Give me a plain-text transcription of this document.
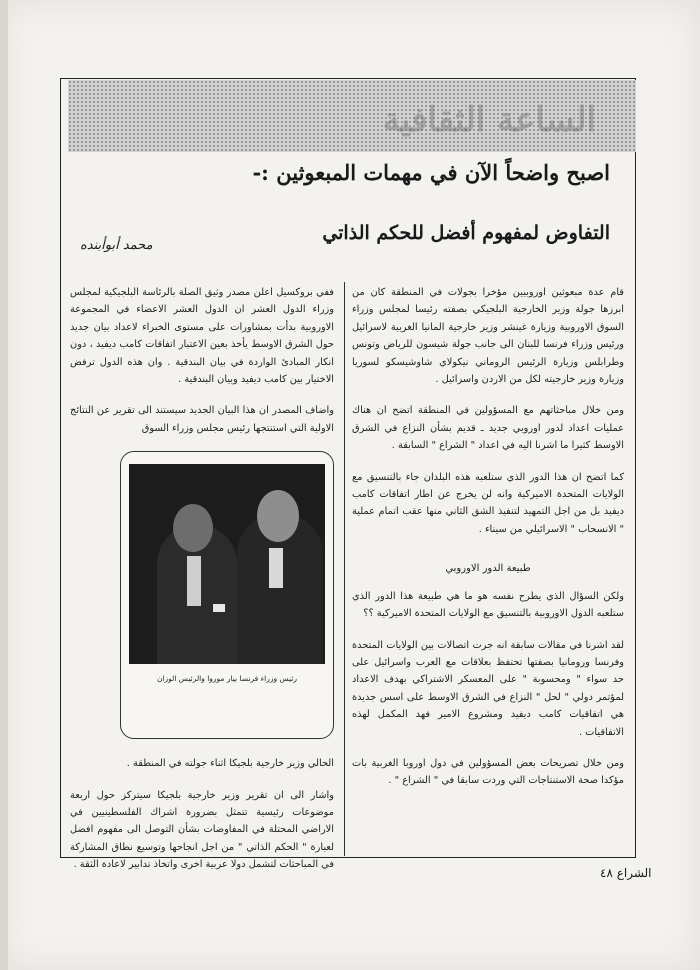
الساعة الثقافية
اصبح واضحاً الآن في مهمات المبعوثين :-
التفاوض لمفهوم أفضل للحكم الذاتي
محمد أبوأبنده

قام عدة مبعوثين اوروبيين مؤخرا بجولات في المنطقة كان من ابرزها جولة وزير الخارجية البلجيكي بصفته رئيسا لمجلس وزراء السوق الاوروبية وزيارة غينشر وزير خارجية المانيا الغربية لاسرائيل ورئيس وزراء فرنسا للبنان الى جانب جولة شيسون للرياض وتونس وطرابلس وزيارة الرئيس الروماني نيكولاي شاوشيسكو لسوريا وزيارة وزير خارجيته لكل من الاردن واسرائيل .

ومن خلال مباحثاتهم مع المسؤولين في المنطقة اتضح ان هناك عمليات اعداد لدور اوروبي جديد ـ قديم بشأن النزاع في الشرق الاوسط كثيرا ما اشرنا اليه في اعداد " الشراع " السابقة .

كما اتضح ان هذا الدور الذي ستلعبه هذه البلدان جاء بالتنسيق مع الولايات المتحدة الاميركية وانه لن يخرج عن اطار اتفاقات كامب ديفيد بل من اجل التمهيد لتنفيذ الشق الثاني منها عقب اتمام عملية " الانسحاب " الاسرائيلي من سيناء .

طبيعة الدور الاوروبي

ولكن السؤال الذي يطرح نفسه هو ما هي طبيعة هذا الدور الذي ستلعبه الدول الاوروبية بالتنسيق مع الولايات المتحدة الاميركية ؟؟

لقد اشرنا في مقالات سابقة انه جرت اتصالات بين الولايات المتحدة وفرنسا ورومانيا بصفتها تحتفظ بعلاقات مع العرب واسرائيل على حد سواء " ومحسوبة " على المعسكر الاشتراكي بهدف الاعداد لمؤتمر دولي " لحل " النزاع في الشرق الاوسط على اسس جديدة هي اتفاقيات كامب ديفيد ومشروع الامير فهد المكمل لهذه الاتفاقيات .

ومن خلال تصريحات بعض المسؤولين في دول اوروبا الغربية بات مؤكدا صحة الاستنتاجات التي وردت سابقا في " الشراع " .

ففي بروكسيل اعلن مصدر وثيق الصلة بالرئاسة البلجيكية لمجلس وزراء الدول العشر ان الدول العشر الاعضاء في المجموعة الاوروبية بدأت بمشاورات على مستوى الخبراء لاعداد بيان جديد حول الشرق الاوسط يأخذ بعين الاعتبار اتفاقات كامب ديفيد ، دون انكار المبادئ الواردة في بيان البندقية . وان هذه الدول ترفض الاختيار بين كامب ديفيد وبيان البندقية .

واضاف المصدر ان هذا البيان الجديد سيستند الى تقرير عن النتائج الاولية التي استنتجها رئيس مجلس وزراء السوق

رئيس وزراء فرنسا بيار موروا والرئيس الوزان

الحالي وزير خارجية بلجيكا اثناء جولته في المنطقة .

واشار الى ان تقرير وزير خارجية بلجيكا سيتركز حول اربعة موضوعات رئيسية تتمثل بضرورة اشراك الفلسطينيين في الاراضي المحتلة في المفاوضات بشأن التوصل الى مفهوم افضل لعبارة " الحكم الذاتي " من اجل انجاحها وتوسيع نطاق المشاركة في المباحثات لتشمل دولا عربية اخرى واتخاذ تدابير لاعادة الثقة .

الشراع ٤٨
